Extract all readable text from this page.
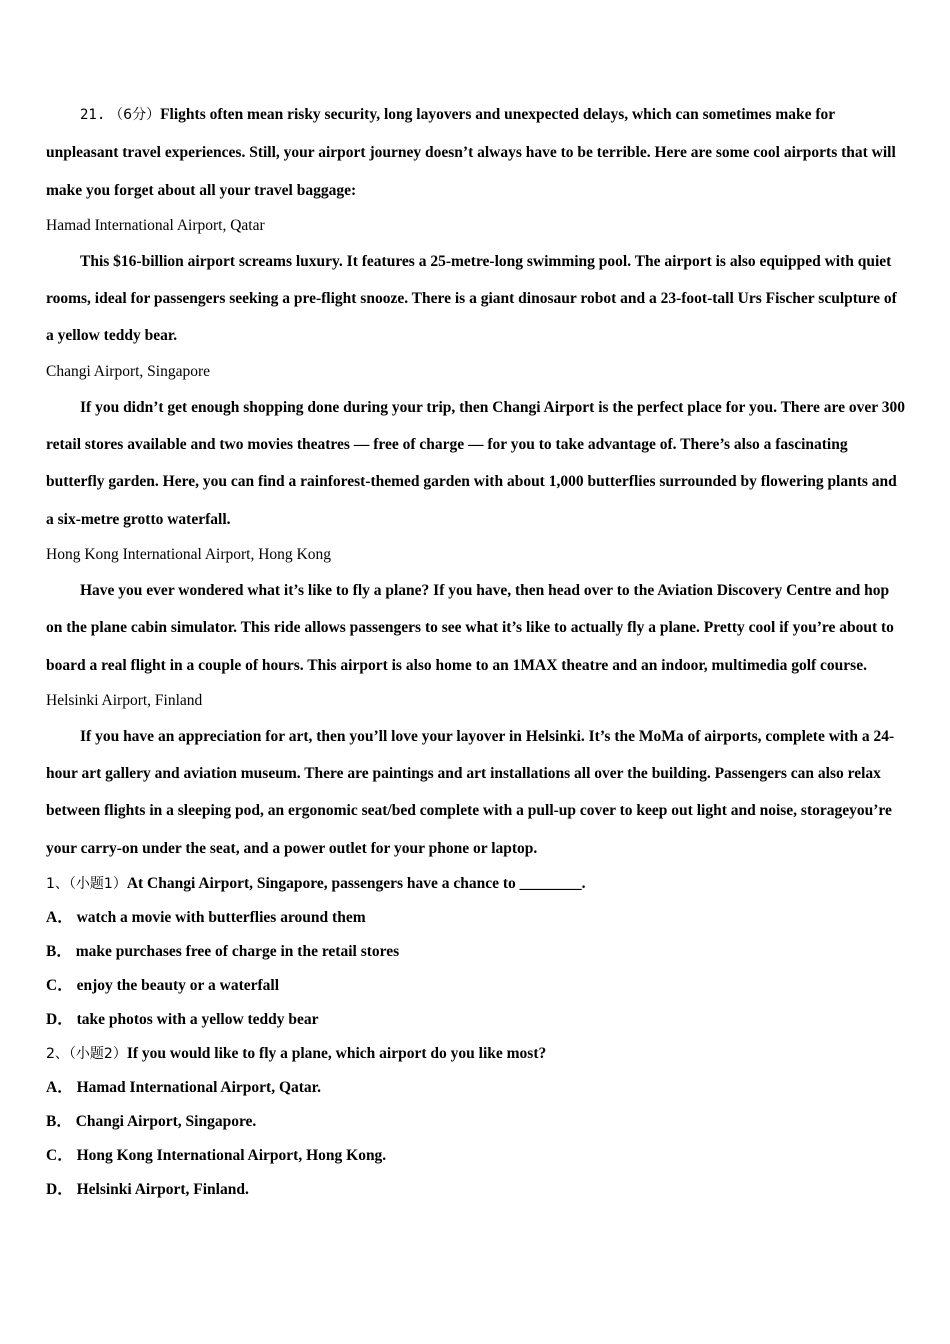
21. （6分）Flights often mean risky security, long layovers and unexpected delays, which can sometimes make for unpleasant travel experiences. Still, your airport journey doesn’t always have to be terrible. Here are some cool airports that will make you forget about all your travel baggage:

Hamad International Airport, Qatar

This $16-billion airport screams luxury. It features a 25-metre-long swimming pool. The airport is also equipped with quiet rooms, ideal for passengers seeking a pre-flight snooze. There is a giant dinosaur robot and a 23-foot-tall Urs Fischer sculpture of a yellow teddy bear.

Changi Airport, Singapore

If you didn’t get enough shopping done during your trip, then Changi Airport is the perfect place for you. There are over 300 retail stores available and two movies theatres — free of charge — for you to take advantage of. There’s also a fascinating butterfly garden. Here, you can find a rainforest-themed garden with about 1,000 butterflies surrounded by flowering plants and a six-metre grotto waterfall.

Hong Kong International Airport, Hong Kong

Have you ever wondered what it’s like to fly a plane? If you have, then head over to the Aviation Discovery Centre and hop on the plane cabin simulator. This ride allows passengers to see what it’s like to actually fly a plane. Pretty cool if you’re about to board a real flight in a couple of hours. This airport is also home to an 1MAX theatre and an indoor, multimedia golf course.

Helsinki Airport, Finland

If you have an appreciation for art, then you’ll love your layover in Helsinki. It’s the MoMa of airports, complete with a 24-hour art gallery and aviation museum. There are paintings and art installations all over the building. Passengers can also relax between flights in a sleeping pod, an ergonomic seat/bed complete with a pull-up cover to keep out light and noise, storageyou’re your carry-on under the seat, and a power outlet for your phone or laptop.

1、（小题1）At Changi Airport, Singapore, passengers have a chance to ________.

A． watch a movie with butterflies around them

B． make purchases free of charge in the retail stores

C． enjoy the beauty or a waterfall

D． take photos with a yellow teddy bear

2、（小题2）If you would like to fly a plane, which airport do you like most?

A． Hamad International Airport, Qatar.

B． Changi Airport, Singapore.

C． Hong Kong International Airport, Hong Kong.

D． Helsinki Airport, Finland.
